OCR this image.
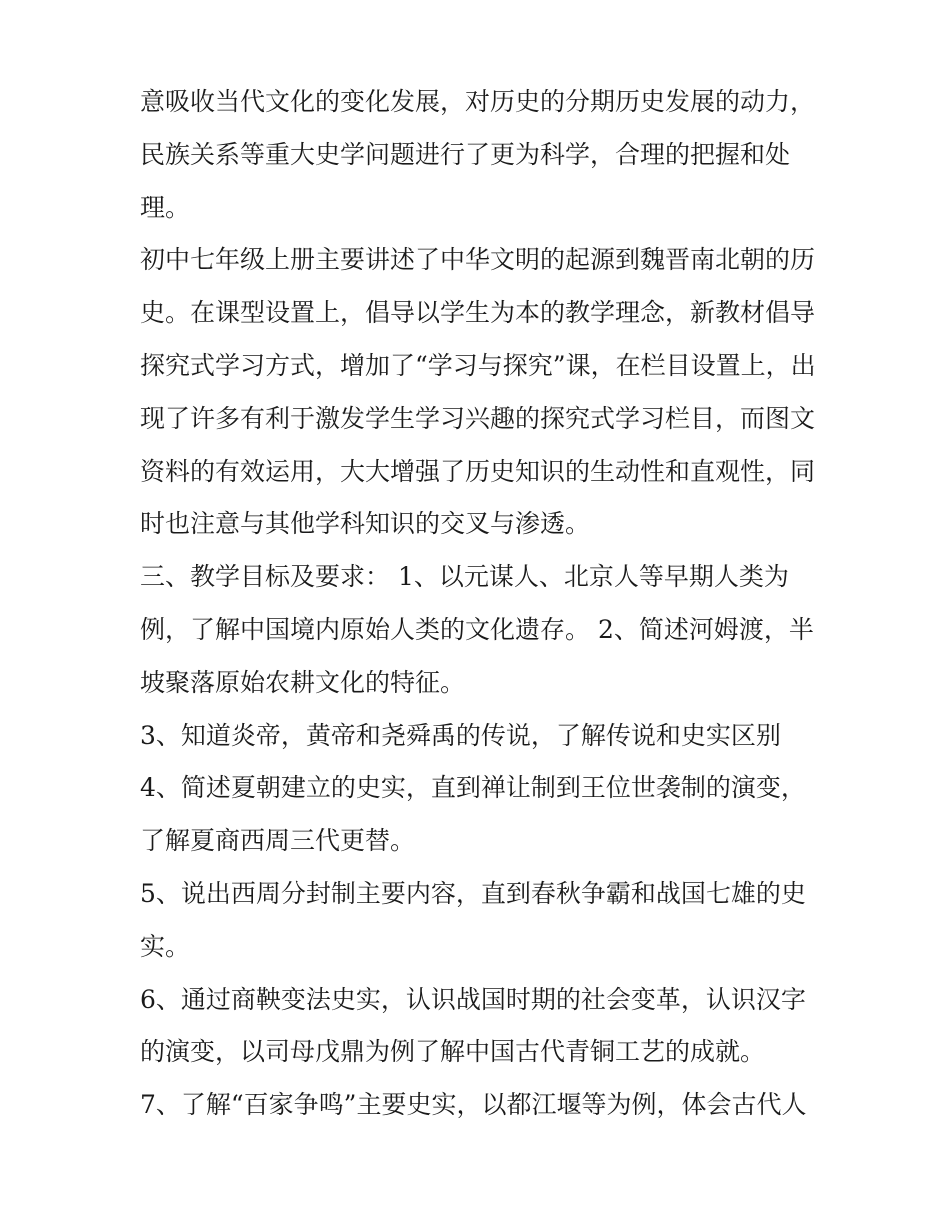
意吸收当代文化的变化发展，对历史的分期历史发展的动力，
民族关系等重大史学问题进行了更为科学，合理的把握和处
理。
初中七年级上册主要讲述了中华文明的起源到魏晋南北朝的历
史。在课型设置上，倡导以学生为本的教学理念，新教材倡导
探究式学习方式，增加了“学习与探究”课，在栏目设置上，出
现了许多有利于激发学生学习兴趣的探究式学习栏目，而图文
资料的有效运用，大大增强了历史知识的生动性和直观性，同
时也注意与其他学科知识的交叉与渗透。
三、教学目标及要求： 1、以元谋人、北京人等早期人类为
例，了解中国境内原始人类的文化遗存。 2、简述河姆渡，半
坡聚落原始农耕文化的特征。
3、知道炎帝，黄帝和尧舜禹的传说，了解传说和史实区别
4、简述夏朝建立的史实，直到禅让制到王位世袭制的演变，
了解夏商西周三代更替。
5、说出西周分封制主要内容，直到春秋争霸和战国七雄的史
实。
6、通过商鞅变法史实，认识战国时期的社会变革，认识汉字
的演变，以司母戊鼎为例了解中国古代青铜工艺的成就。
7、了解“百家争鸣”主要史实，以都江堰等为例，体会古代人
